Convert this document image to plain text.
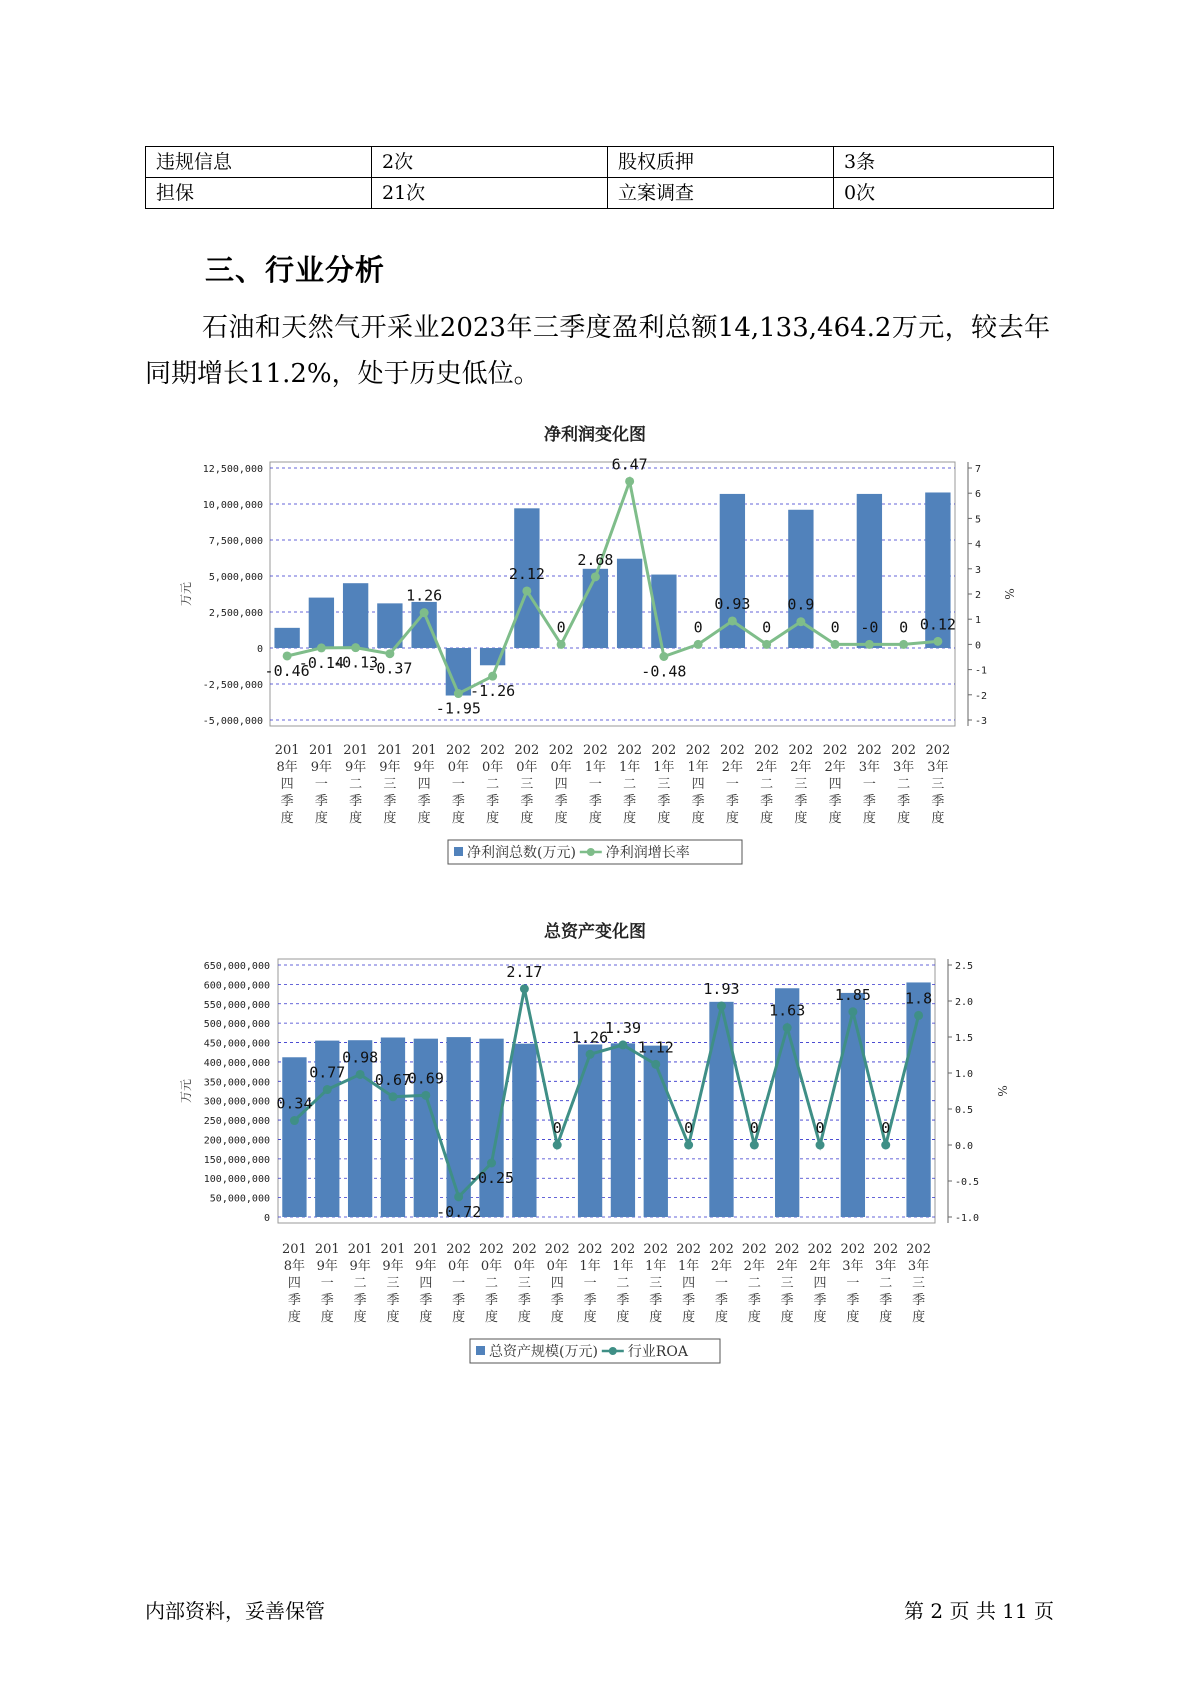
违规信息	2次	股权质押	3条
担保	21次	立案调查	0次
三、行业分析

石油和天然气开采业2023年三季度盈利总额14,133,464.2万元，较去年同期增长11.2%，处于历史低位。

净利润变化图
12,500,000
10,000,000
7,500,000
5,000,000
2,500,000
0
-2,500,000
-5,000,000
7
6
5
4
3
2
1
0
-1
-2
-3
万元	%
-0.46
-0.14
-0.13
-0.37
1.26
-1.95
-1.26
2.12
0
2.68
6.47
-0.48
0
0.93
0
0.9
0 -0 0 0.12
201
8年
四
季
度
201
9年
一
季
度
201
9年
二
季
度
201
9年
三
季
度
201
9年
四
季
度
202
0年
一
季
度
202
0年
二
季
度
202
0年
三
季
度
202
0年
四
季
度
202
1年
一
季
度
202
1年
二
季
度
202
1年
三
季
度
202
1年
四
季
度
202
2年
一
季
度
202
2年
二
季
度
202
2年
三
季
度
202
2年
四
季
度
202
3年
一
季
度
202
3年
二
季
度
202
3年
三
季
度
净利润总数(万元) 净利润增长率
总资产变化图
650,000,000
600,000,000
550,000,000
500,000,000
450,000,000
400,000,000
350,000,000
300,000,000
250,000,000
200,000,000
150,000,000
100,000,000
50,000,000
0
2.5
2.0
1.5
1.0
0.5
0.0
-0.5
-1.0
万元	%
0.34
0.77
0.98
0.67
0.69
-0.72
-0.25
2.17
0
1.26
1.39
1.12
0
1.93
0
1.63
0
1.85
0
1.8
201
8年
四
季
度
201
9年
一
季
度
201
9年
二
季
度
201
9年
三
季
度
201
9年
四
季
度
202
0年
一
季
度
202
0年
二
季
度
202
0年
三
季
度
202
0年
四
季
度
202
1年
一
季
度
202
1年
二
季
度
202
1年
三
季
度
202
1年
四
季
度
202
2年
一
季
度
202
2年
二
季
度
202
2年
三
季
度
202
2年
四
季
度
202
3年
一
季
度
202
3年
二
季
度
202
3年
三
季
度
总资产规模(万元) 行业ROA
内部资料，妥善保管	第 2 页 共 11 页
